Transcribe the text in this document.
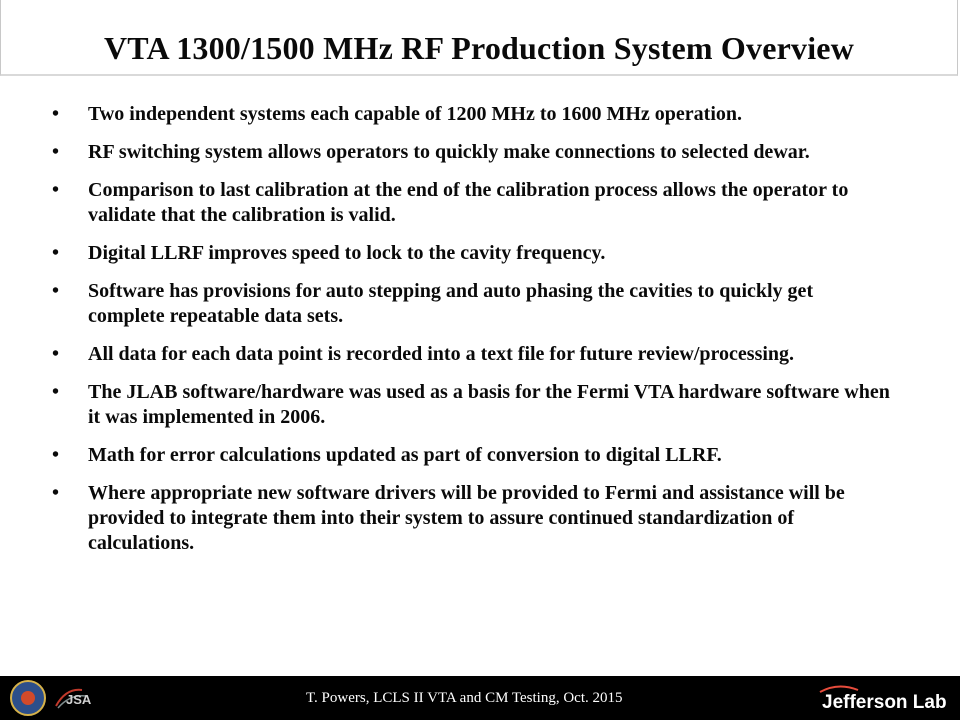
VTA 1300/1500 MHz RF Production System Overview
• Two independent systems each capable of 1200 MHz to 1600 MHz operation.
• RF switching system allows operators to quickly make connections to selected dewar.
• Comparison to last calibration at the end of the calibration process allows the operator to validate that the calibration is valid.
• Digital LLRF improves speed to lock to the cavity frequency.
• Software has provisions for auto stepping and auto phasing the cavities to quickly get complete repeatable data sets.
• All data for each data point is recorded into a text file for future review/processing.
• The JLAB software/hardware was used as a basis for the Fermi VTA hardware software when it was implemented in 2006.
• Math for error calculations updated as part of conversion to digital LLRF.
• Where appropriate new software drivers will be provided to Fermi and assistance will be provided to integrate them into their system to assure continued standardization of calculations.
JSA	T. Powers, LCLS II VTA and CM Testing, Oct. 2015	Jefferson Lab
